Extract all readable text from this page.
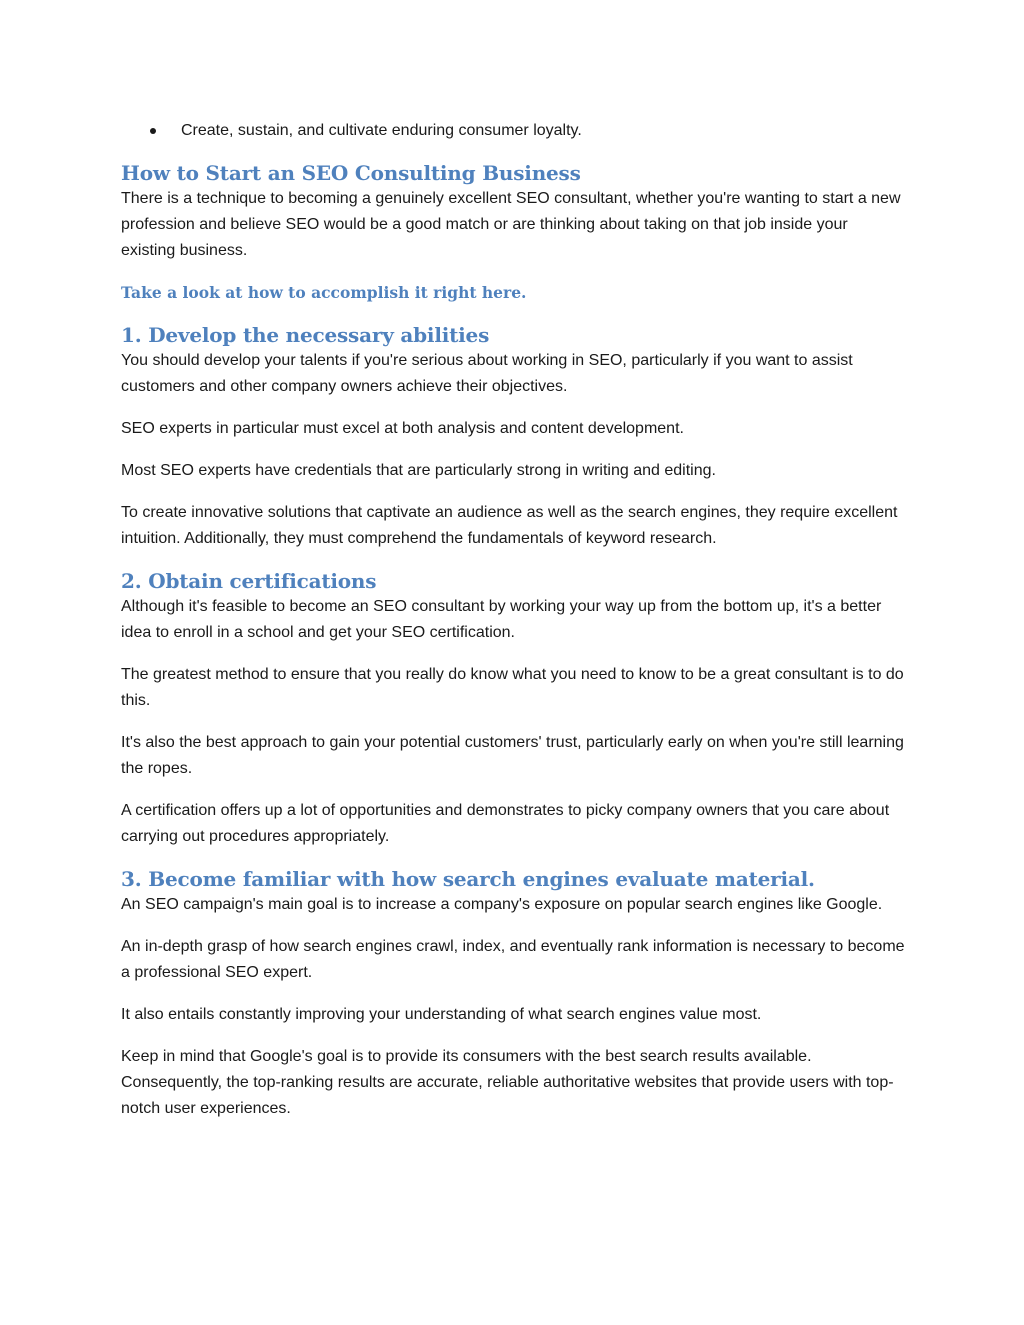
Create, sustain, and cultivate enduring consumer loyalty.
How to Start an SEO Consulting Business

There is a technique to becoming a genuinely excellent SEO consultant, whether you're wanting to start a new profession and believe SEO would be a good match or are thinking about taking on that job inside your existing business.

Take a look at how to accomplish it right here.
1. Develop the necessary abilities

You should develop your talents if you're serious about working in SEO, particularly if you want to assist customers and other company owners achieve their objectives.

SEO experts in particular must excel at both analysis and content development.

Most SEO experts have credentials that are particularly strong in writing and editing.

To create innovative solutions that captivate an audience as well as the search engines, they require excellent intuition. Additionally, they must comprehend the fundamentals of keyword research.

2. Obtain certifications

Although it's feasible to become an SEO consultant by working your way up from the bottom up, it's a better idea to enroll in a school and get your SEO certification.

The greatest method to ensure that you really do know what you need to know to be a great consultant is to do this.

It's also the best approach to gain your potential customers' trust, particularly early on when you're still learning the ropes.

A certification offers up a lot of opportunities and demonstrates to picky company owners that you care about carrying out procedures appropriately.

3. Become familiar with how search engines evaluate material.

An SEO campaign's main goal is to increase a company's exposure on popular search engines like Google.

An in-depth grasp of how search engines crawl, index, and eventually rank information is necessary to become a professional SEO expert.

It also entails constantly improving your understanding of what search engines value most.

Keep in mind that Google's goal is to provide its consumers with the best search results available. Consequently, the top-ranking results are accurate, reliable authoritative websites that provide users with top-notch user experiences.
